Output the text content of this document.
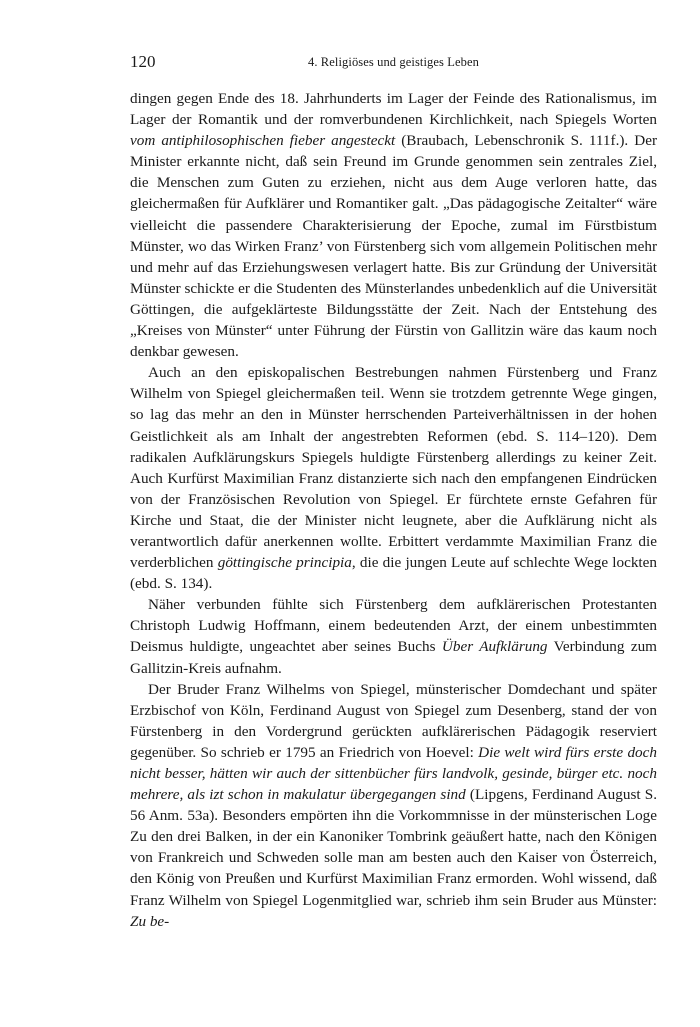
120	4. Religiöses und geistiges Leben

dingen gegen Ende des 18. Jahrhunderts im Lager der Feinde des Rationalismus, im Lager der Romantik und der romverbundenen Kirchlichkeit, nach Spiegels Worten vom antiphilosophischen fieber angesteckt (Braubach, Lebenschronik S. 111f.). Der Minister erkannte nicht, daß sein Freund im Grunde genommen sein zentrales Ziel, die Menschen zum Guten zu erziehen, nicht aus dem Auge verloren hatte, das gleichermaßen für Aufklärer und Romantiker galt. „Das pädagogische Zeitalter“ wäre vielleicht die passendere Charakterisierung der Epoche, zumal im Fürstbistum Münster, wo das Wirken Franz’ von Fürstenberg sich vom allgemein Politischen mehr und mehr auf das Erziehungswesen verlagert hatte. Bis zur Gründung der Universität Münster schickte er die Studenten des Münsterlandes unbedenklich auf die Universität Göttingen, die aufgeklärteste Bildungsstätte der Zeit. Nach der Entstehung des „Kreises von Münster“ unter Führung der Fürstin von Gallitzin wäre das kaum noch denkbar gewesen.

Auch an den episkopalischen Bestrebungen nahmen Fürstenberg und Franz Wilhelm von Spiegel gleichermaßen teil. Wenn sie trotzdem getrennte Wege gingen, so lag das mehr an den in Münster herrschenden Parteiverhältnissen in der hohen Geistlichkeit als am Inhalt der angestrebten Reformen (ebd. S. 114–120). Dem radikalen Aufklärungskurs Spiegels huldigte Fürstenberg allerdings zu keiner Zeit. Auch Kurfürst Maximilian Franz distanzierte sich nach den empfangenen Eindrücken von der Französischen Revolution von Spiegel. Er fürchtete ernste Gefahren für Kirche und Staat, die der Minister nicht leugnete, aber die Aufklärung nicht als verantwortlich dafür anerkennen wollte. Erbittert verdammte Maximilian Franz die verderblichen göttingische principia, die die jungen Leute auf schlechte Wege lockten (ebd. S. 134).

Näher verbunden fühlte sich Fürstenberg dem aufklärerischen Protestanten Christoph Ludwig Hoffmann, einem bedeutenden Arzt, der einem unbestimmten Deismus huldigte, ungeachtet aber seines Buchs Über Aufklärung Verbindung zum Gallitzin-Kreis aufnahm.

Der Bruder Franz Wilhelms von Spiegel, münsterischer Domdechant und später Erzbischof von Köln, Ferdinand August von Spiegel zum Desenberg, stand der von Fürstenberg in den Vordergrund gerückten aufklärerischen Pädagogik reserviert gegenüber. So schrieb er 1795 an Friedrich von Hoevel: Die welt wird fürs erste doch nicht besser, hätten wir auch der sittenbücher fürs landvolk, gesinde, bürger etc. noch mehrere, als izt schon in makulatur übergegangen sind (Lipgens, Ferdinand August S. 56 Anm. 53a). Besonders empörten ihn die Vorkommnisse in der münsterischen Loge Zu den drei Balken, in der ein Kanoniker Tombrink geäußert hatte, nach den Königen von Frankreich und Schweden solle man am besten auch den Kaiser von Österreich, den König von Preußen und Kurfürst Maximilian Franz ermorden. Wohl wissend, daß Franz Wilhelm von Spiegel Logenmitglied war, schrieb ihm sein Bruder aus Münster: Zu be-
